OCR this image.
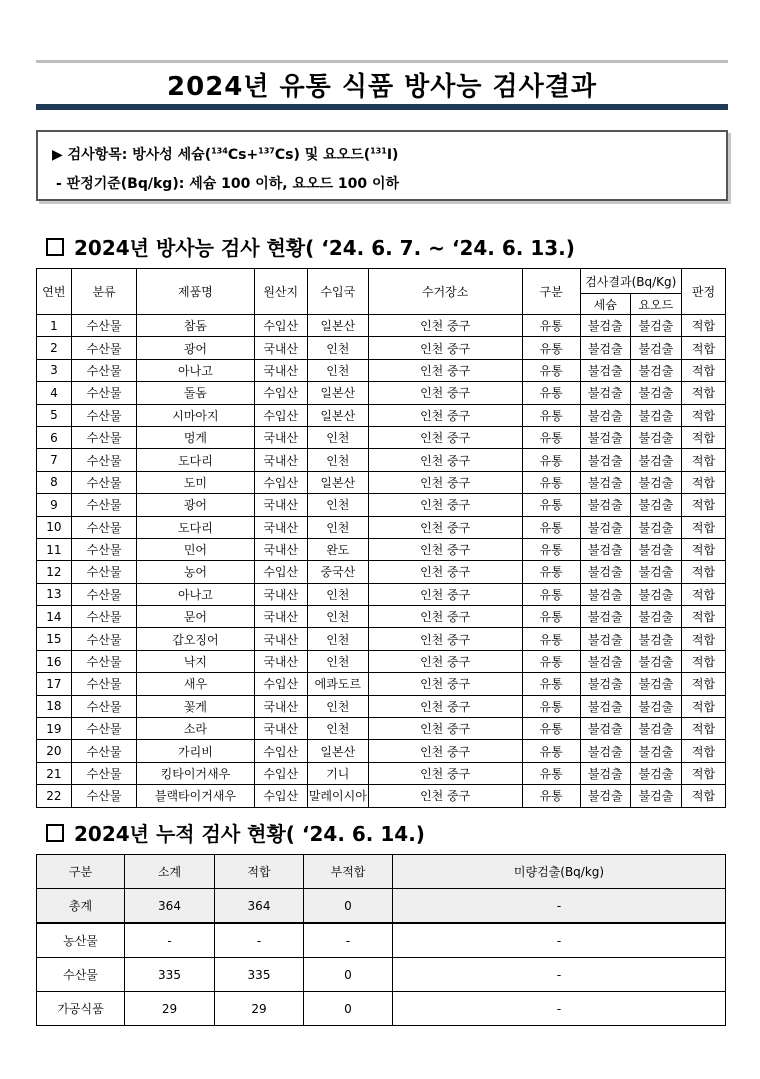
2024년 유통 식품 방사능 검사결과
▶ 검사항목: 방사성 세슘($^{134}$Cs+$^{137}$Cs) 및 요오드($^{131}$I)
- 판정기준(Bq/kg): 세슘 100 이하, 요오드 100 이하
2024년 방사능 검사 현황( ‘24. 6. 7. ~ ‘24. 6. 13.)
연번	분류	제품명	원산지	수입국	수거장소	구분	검사결과(Bq/Kg)		판정
							세슘	요오드	
1	수산물	참돔	수입산	일본산	인천 중구	유통	불검출	불검출	적합
2	수산물	광어	국내산	인천	인천 중구	유통	불검출	불검출	적합
3	수산물	아나고	국내산	인천	인천 중구	유통	불검출	불검출	적합
4	수산물	돌돔	수입산	일본산	인천 중구	유통	불검출	불검출	적합
5	수산물	시마아지	수입산	일본산	인천 중구	유통	불검출	불검출	적합
6	수산물	멍게	국내산	인천	인천 중구	유통	불검출	불검출	적합
7	수산물	도다리	국내산	인천	인천 중구	유통	불검출	불검출	적합
8	수산물	도미	수입산	일본산	인천 중구	유통	불검출	불검출	적합
9	수산물	광어	국내산	인천	인천 중구	유통	불검출	불검출	적합
10	수산물	도다리	국내산	인천	인천 중구	유통	불검출	불검출	적합
11	수산물	민어	국내산	완도	인천 중구	유통	불검출	불검출	적합
12	수산물	농어	수입산	중국산	인천 중구	유통	불검출	불검출	적합
13	수산물	아나고	국내산	인천	인천 중구	유통	불검출	불검출	적합
14	수산물	문어	국내산	인천	인천 중구	유통	불검출	불검출	적합
15	수산물	갑오징어	국내산	인천	인천 중구	유통	불검출	불검출	적합
16	수산물	낙지	국내산	인천	인천 중구	유통	불검출	불검출	적합
17	수산물	새우	수입산	에콰도르	인천 중구	유통	불검출	불검출	적합
18	수산물	꽃게	국내산	인천	인천 중구	유통	불검출	불검출	적합
19	수산물	소라	국내산	인천	인천 중구	유통	불검출	불검출	적합
20	수산물	가리비	수입산	일본산	인천 중구	유통	불검출	불검출	적합
21	수산물	킹타이거새우	수입산	기니	인천 중구	유통	불검출	불검출	적합
22	수산물	블랙타이거새우	수입산	말레이시아	인천 중구	유통	불검출	불검출	적합
2024년 누적 검사 현황( ‘24. 6. 14.)
구분	소계	적합	부적합	미량검출(Bq/kg)
총계	364	364	0	-
농산물	-	-	-	-
수산물	335	335	0	-
가공식품	29	29	0	-
